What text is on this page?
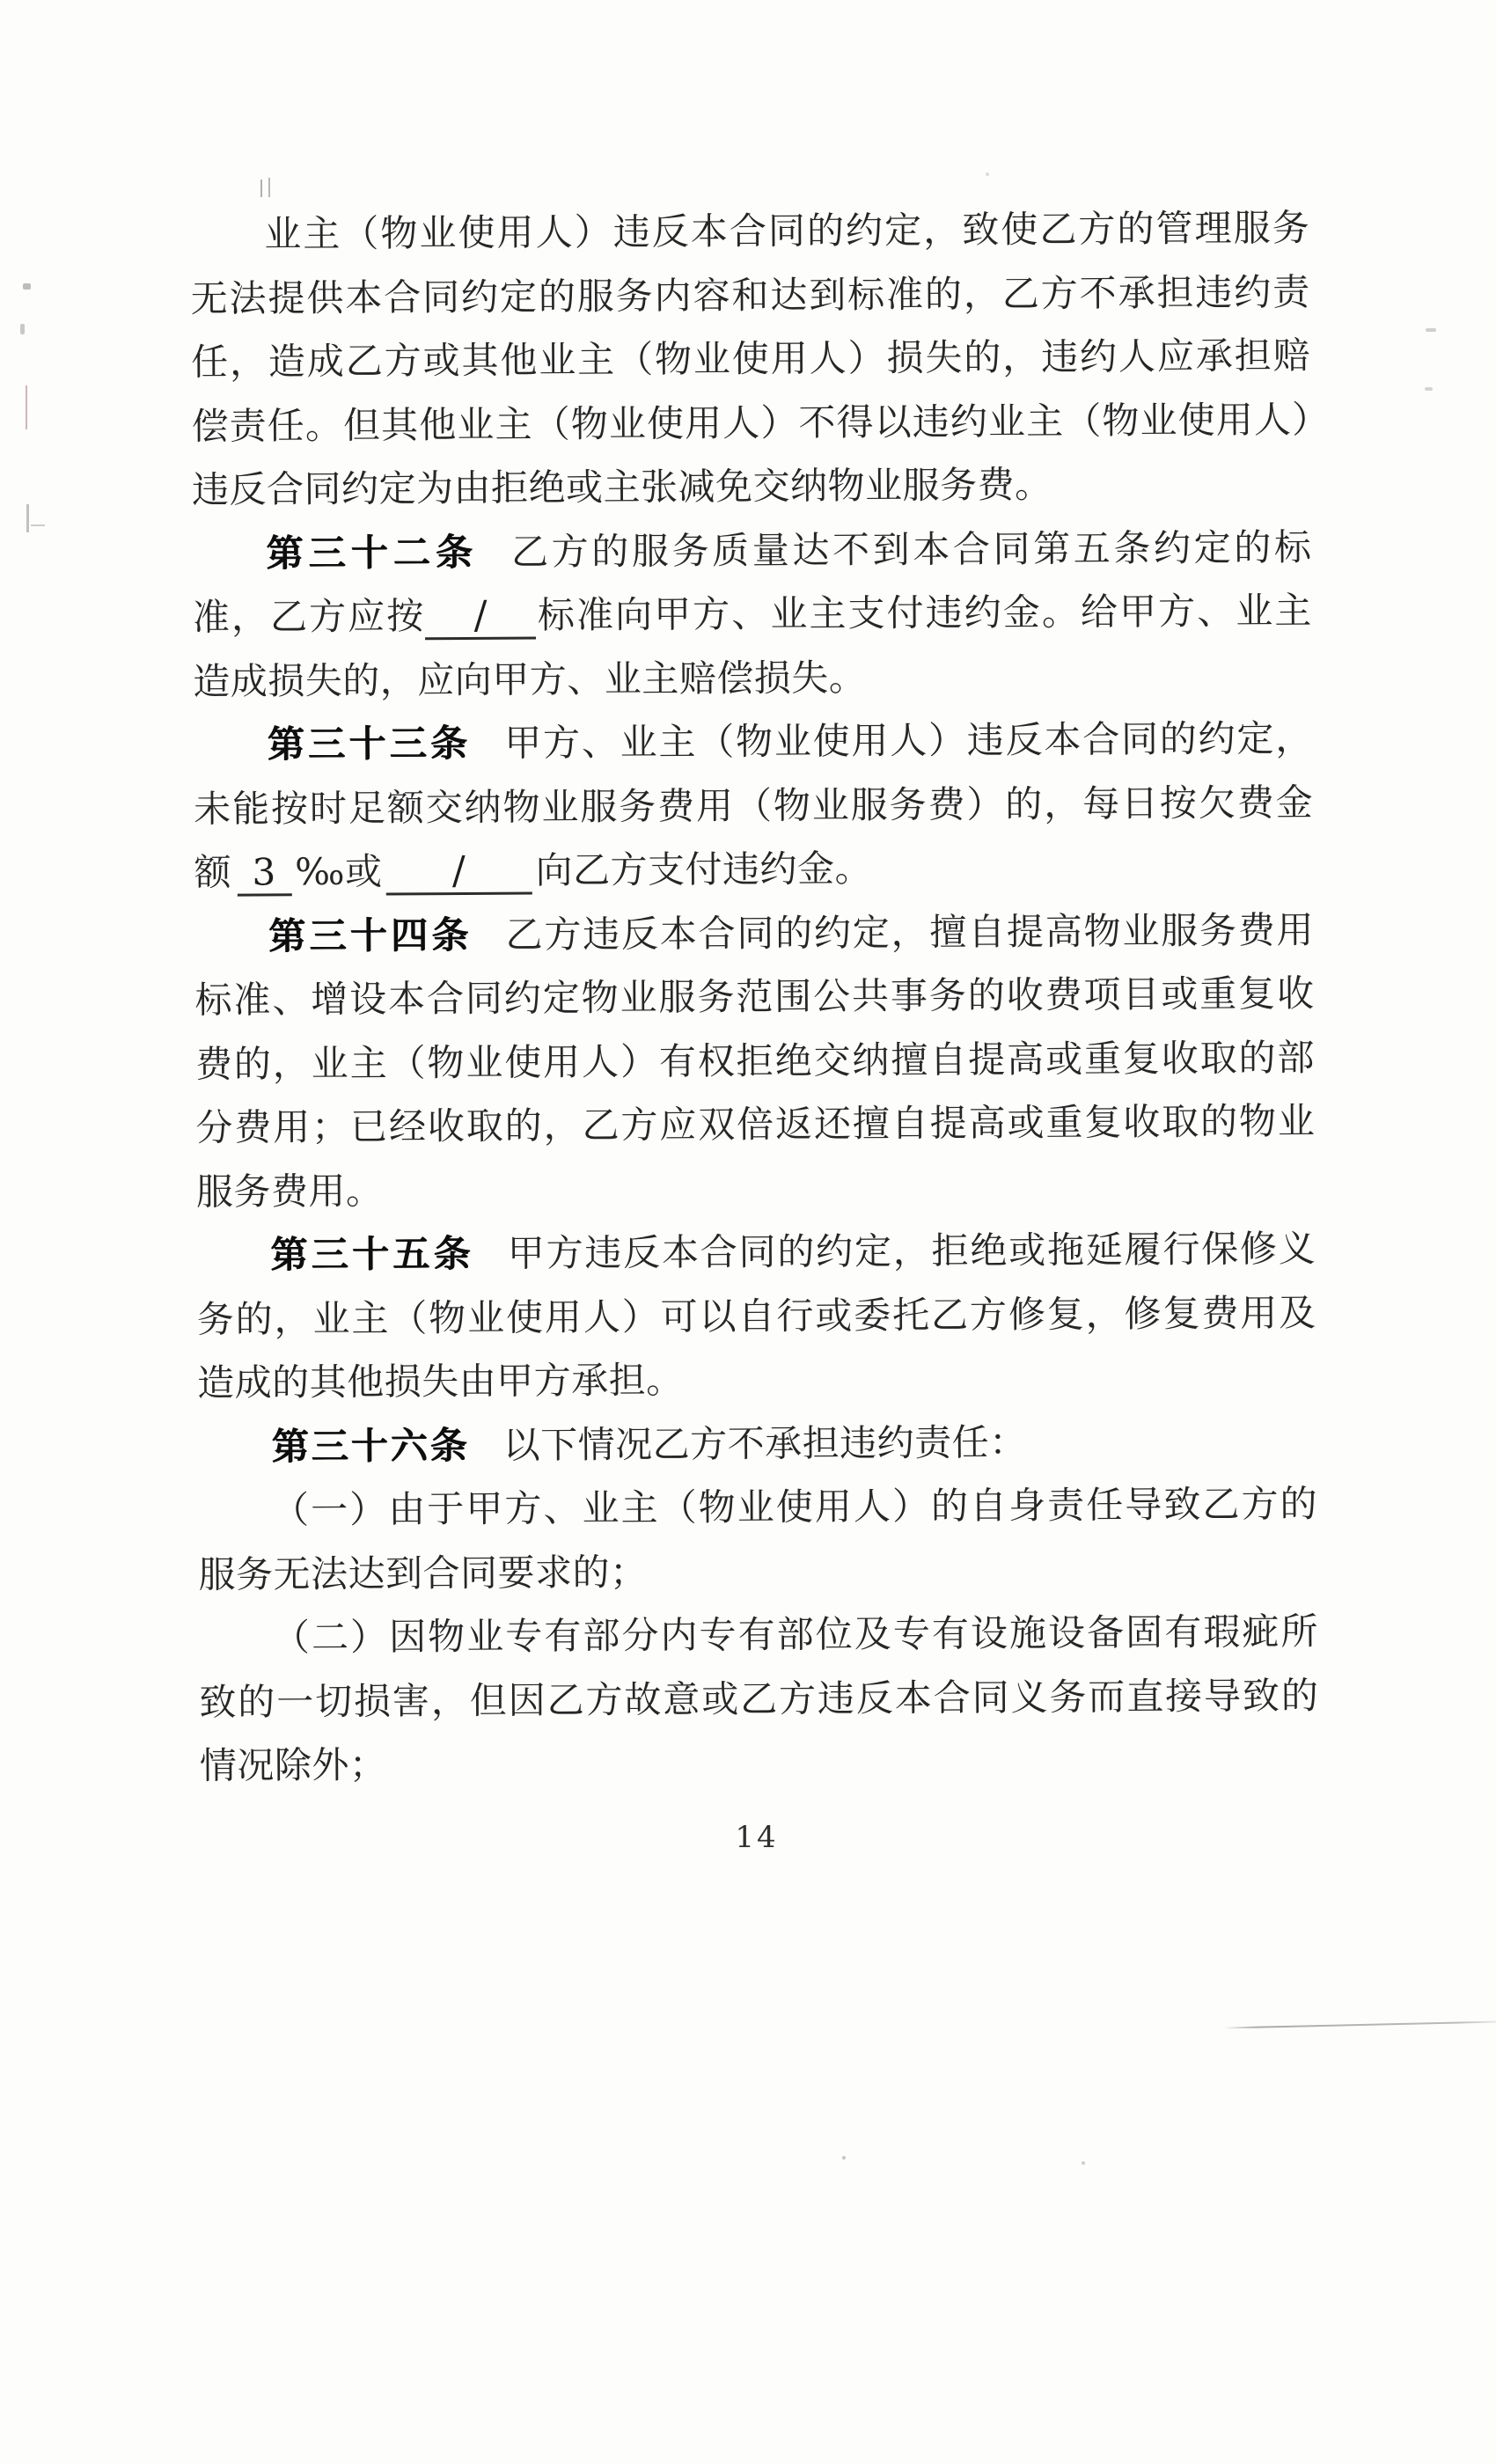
业主（物业使用人）违反本合同的约定，致使乙方的管理服务无法提供本合同约定的服务内容和达到标准的，乙方不承担违约责任，造成乙方或其他业主（物业使用人）损失的，违约人应承担赔偿责任。但其他业主（物业使用人）不得以违约业主（物业使用人）违反合同约定为由拒绝或主张减免交纳物业服务费。

第三十二条 乙方的服务质量达不到本合同第五条约定的标准，乙方应按 / 标准向甲方、业主支付违约金。给甲方、业主造成损失的，应向甲方、业主赔偿损失。

第三十三条 甲方、业主（物业使用人）违反本合同的约定，未能按时足额交纳物业服务费用（物业服务费）的，每日按欠费金额 3 ‰或 / 向乙方支付违约金。

第三十四条 乙方违反本合同的约定，擅自提高物业服务费用标准、增设本合同约定物业服务范围公共事务的收费项目或重复收费的，业主（物业使用人）有权拒绝交纳擅自提高或重复收取的部分费用；已经收取的，乙方应双倍返还擅自提高或重复收取的物业服务费用。

第三十五条 甲方违反本合同的约定，拒绝或拖延履行保修义务的，业主（物业使用人）可以自行或委托乙方修复，修复费用及造成的其他损失由甲方承担。

第三十六条 以下情况乙方不承担违约责任：

（一）由于甲方、业主（物业使用人）的自身责任导致乙方的服务无法达到合同要求的；

（二）因物业专有部分内专有部位及专有设施设备固有瑕疵所致的一切损害，但因乙方故意或乙方违反本合同义务而直接导致的情况除外；

14
